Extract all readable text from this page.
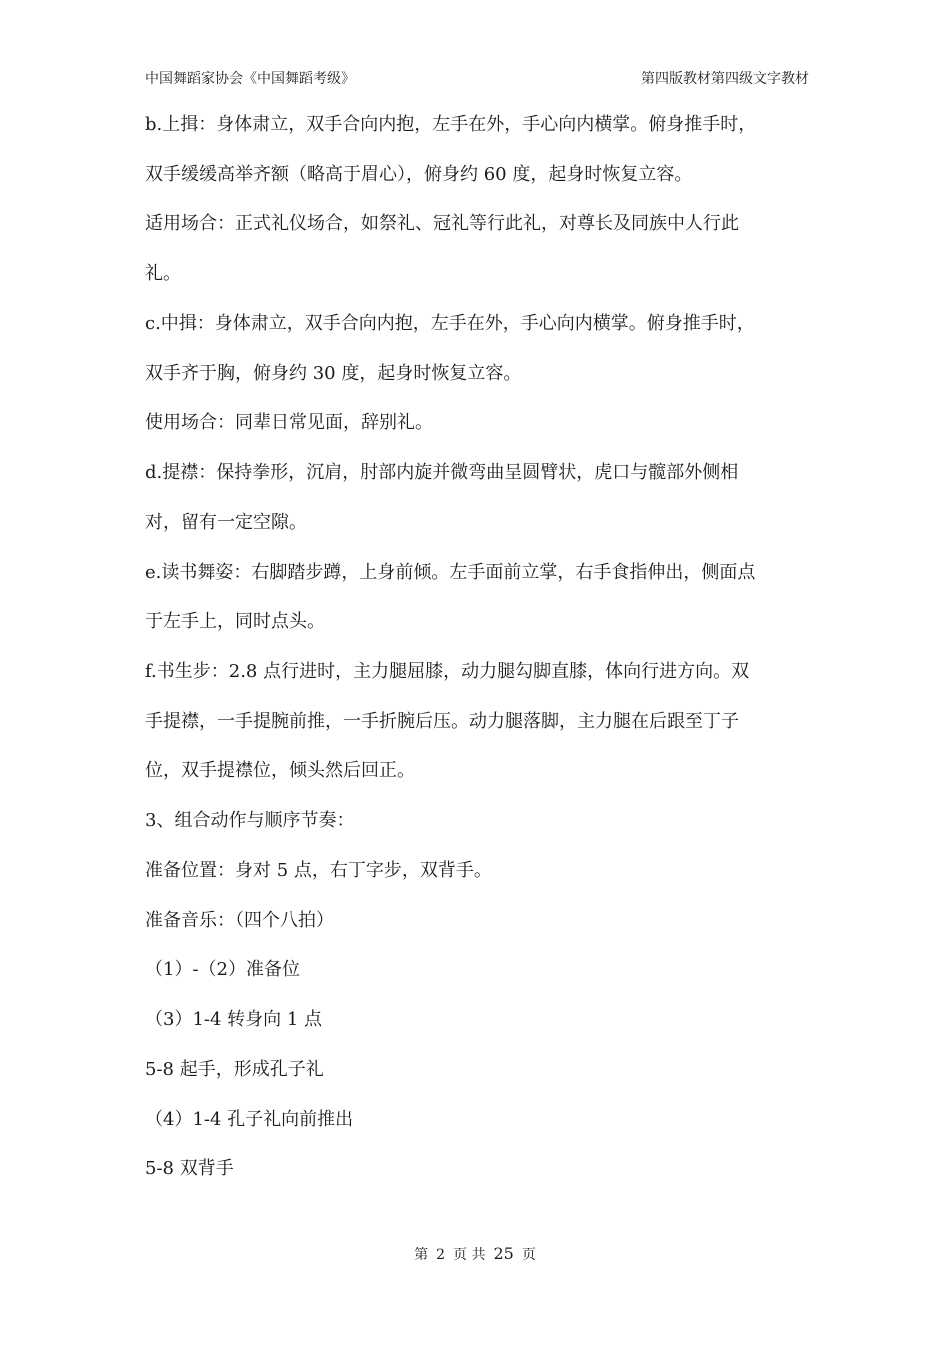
中国舞蹈家协会《中国舞蹈考级》	第四版教材第四级文字教材
b.上揖：身体肃立，双手合向内抱，左手在外，手心向内横掌。俯身推手时，
双手缓缓高举齐额（略高于眉心），俯身约 60 度，起身时恢复立容。
适用场合：正式礼仪场合，如祭礼、冠礼等行此礼，对尊长及同族中人行此
礼。
c.中揖：身体肃立，双手合向内抱，左手在外，手心向内横掌。俯身推手时，
双手齐于胸，俯身约 30 度，起身时恢复立容。
使用场合：同辈日常见面，辞别礼。
d.提襟：保持拳形，沉肩，肘部内旋并微弯曲呈圆臂状，虎口与髋部外侧相
对，留有一定空隙。
e.读书舞姿：右脚踏步蹲，上身前倾。左手面前立掌，右手食指伸出，侧面点
于左手上，同时点头。
f.书生步：2.8 点行进时，主力腿屈膝，动力腿勾脚直膝，体向行进方向。双
手提襟，一手提腕前推，一手折腕后压。动力腿落脚，主力腿在后跟至丁子
位，双手提襟位，倾头然后回正。
3、组合动作与顺序节奏：
准备位置：身对 5 点，右丁字步，双背手。
准备音乐：（四个八拍）
（1）-（2）准备位
（3）1-4 转身向 1 点
5-8 起手，形成孔子礼
（4）1-4 孔子礼向前推出
5-8 双背手
第 2 页 共 25 页
